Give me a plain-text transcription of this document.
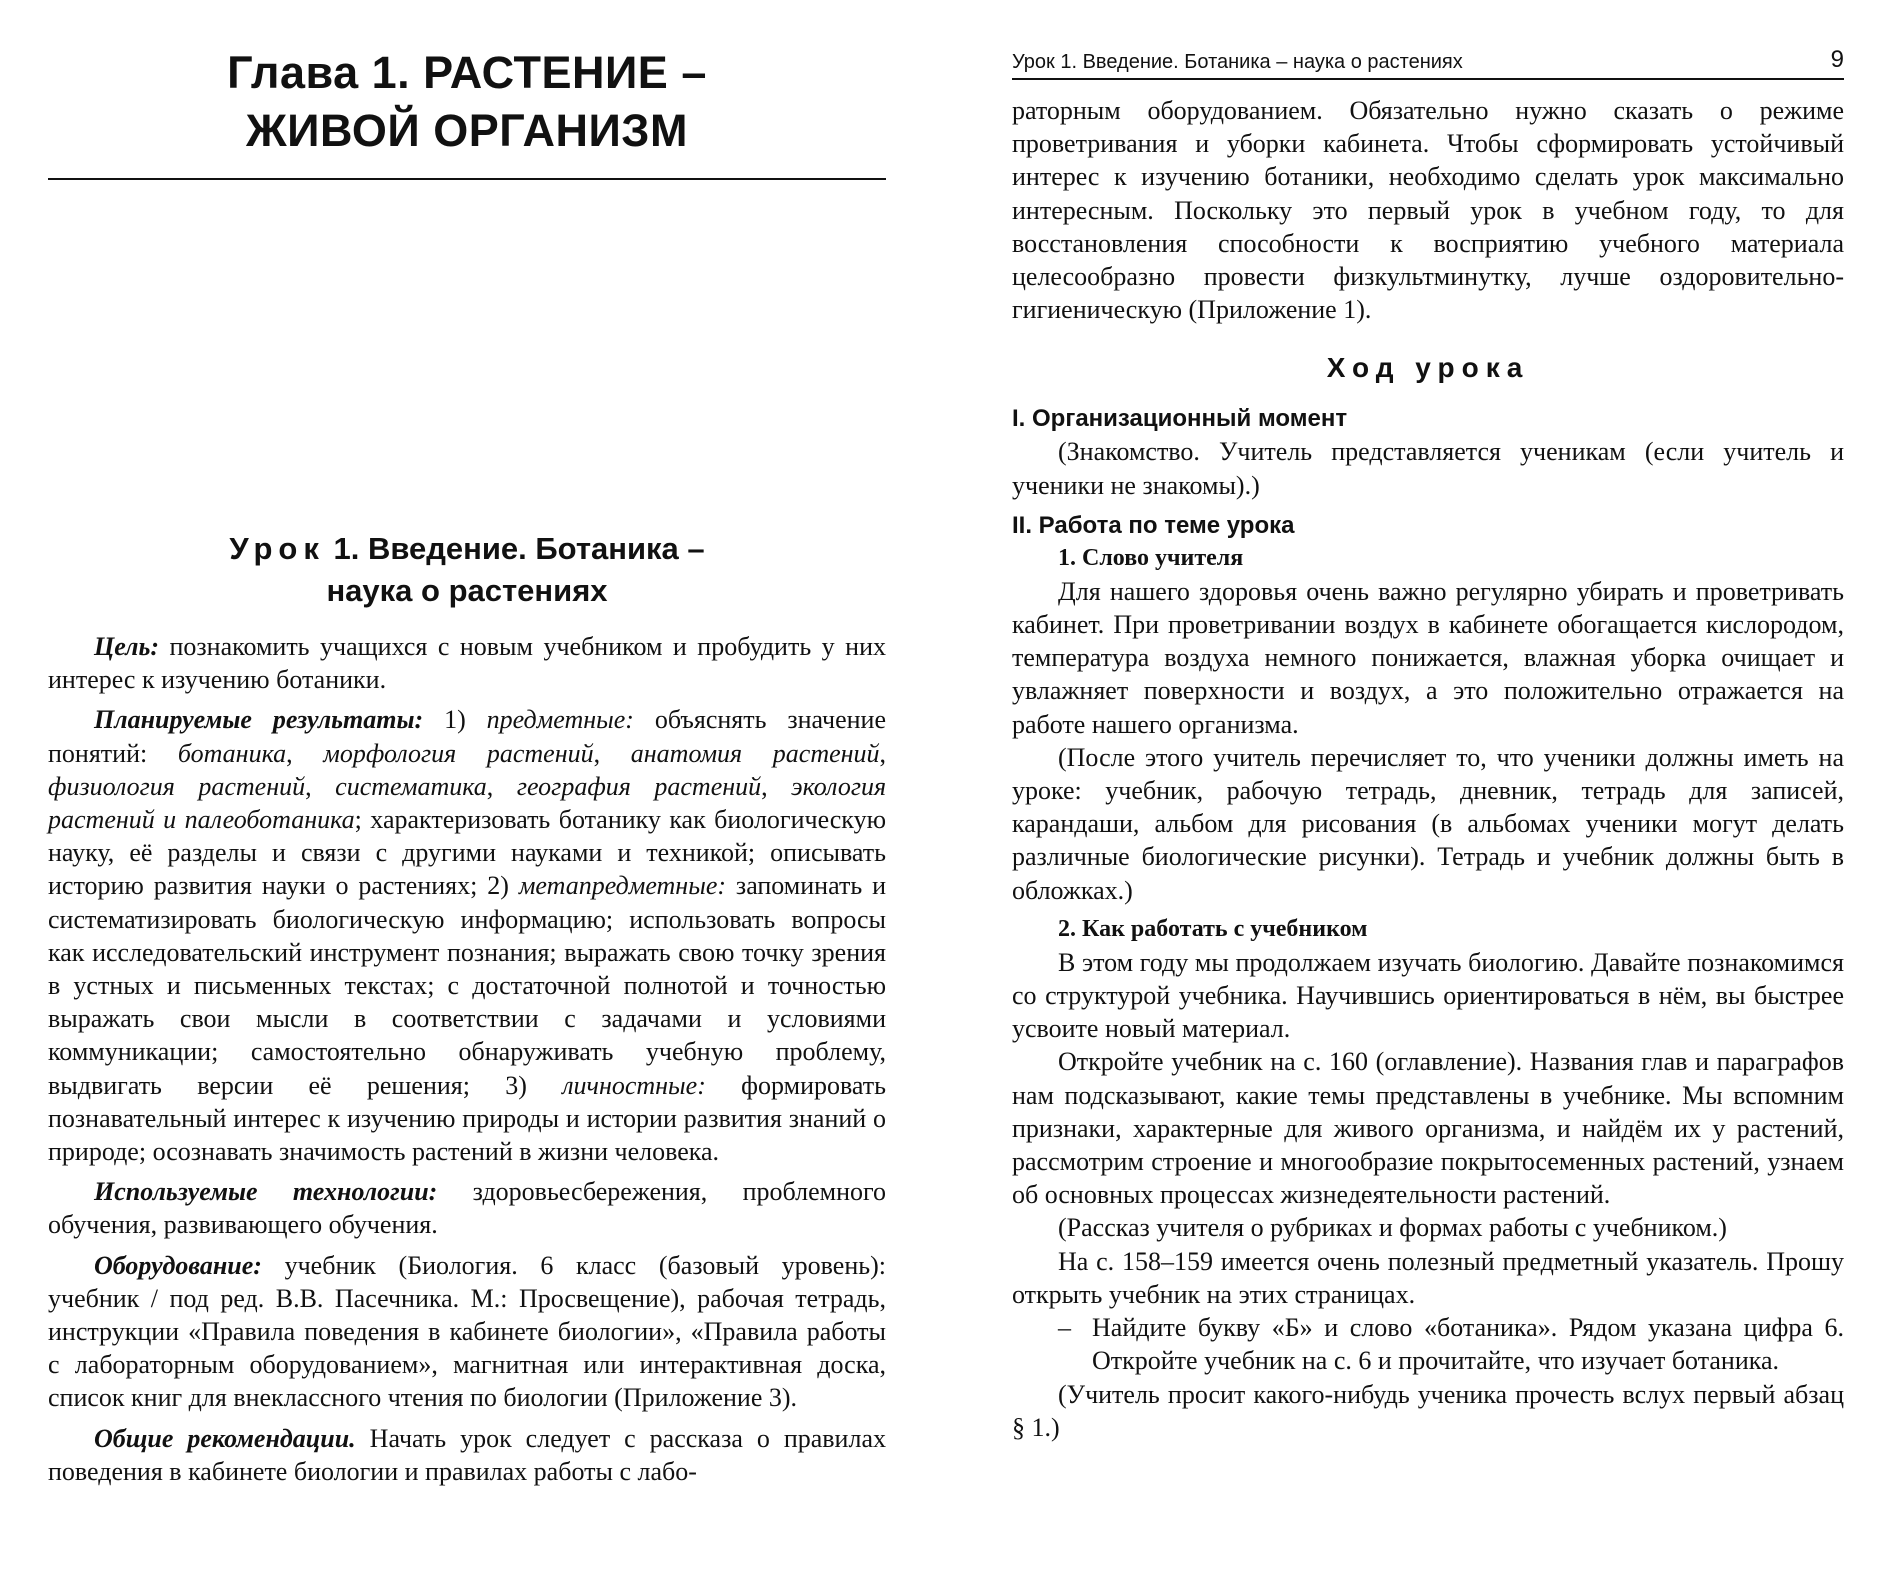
Глава 1. РАСТЕНИЕ –
ЖИВОЙ ОРГАНИЗМ
Урок 1. Введение. Ботаника –
наука о растениях

Цель: познакомить учащихся с новым учебником и пробудить у них интерес к изучению ботаники.

Планируемые результаты: 1) предметные: объяснять значение понятий: ботаника, морфология растений, анатомия растений, физиология растений, систематика, география растений, экология растений и палеоботаника; характеризовать ботанику как биологическую науку, её разделы и связи с другими науками и техникой; описывать историю развития науки о растениях; 2) метапредметные: запоминать и систематизировать биологическую информацию; использовать вопросы как исследовательский инструмент познания; выражать свою точку зрения в устных и письменных текстах; с достаточной полнотой и точностью выражать свои мысли в соответствии с задачами и условиями коммуникации; самостоятельно обнаруживать учебную проблему, выдвигать версии её решения; 3) личностные: формировать познавательный интерес к изучению природы и истории развития знаний о природе; осознавать значимость растений в жизни человека.

Используемые технологии: здоровьесбережения, проблемного обучения, развивающего обучения.

Оборудование: учебник (Биология. 6 класс (базовый уровень): учебник / под ред. В.В. Пасечника. М.: Просвещение), рабочая тетрадь, инструкции «Правила поведения в кабинете биологии», «Правила работы с лабораторным оборудованием», магнитная или интерактивная доска, список книг для внеклассного чтения по биологии (Приложение 3).

Общие рекомендации. Начать урок следует с рассказа о правилах поведения в кабинете биологии и правилах работы с лабо-

Урок 1. Введение. Ботаника – наука о растениях	9

раторным оборудованием. Обязательно нужно сказать о режиме проветривания и уборки кабинета. Чтобы сформировать устойчивый интерес к изучению ботаники, необходимо сделать урок максимально интересным. Поскольку это первый урок в учебном году, то для восстановления способности к восприятию учебного материала целесообразно провести физкультминутку, лучше оздоровительно-гигиеническую (Приложение 1).

Ход урока
I. Организационный момент

(Знакомство. Учитель представляется ученикам (если учитель и ученики не знакомы).)

II. Работа по теме урока
1. Слово учителя

Для нашего здоровья очень важно регулярно убирать и проветривать кабинет. При проветривании воздух в кабинете обогащается кислородом, температура воздуха немного понижается, влажная уборка очищает и увлажняет поверхности и воздух, а это положительно отражается на работе нашего организма.

(После этого учитель перечисляет то, что ученики должны иметь на уроке: учебник, рабочую тетрадь, дневник, тетрадь для записей, карандаши, альбом для рисования (в альбомах ученики могут делать различные биологические рисунки). Тетрадь и учебник должны быть в обложках.)

2. Как работать с учебником

В этом году мы продолжаем изучать биологию. Давайте познакомимся со структурой учебника. Научившись ориентироваться в нём, вы быстрее усвоите новый материал.

Откройте учебник на с. 160 (оглавление). Названия глав и параграфов нам подсказывают, какие темы представлены в учебнике. Мы вспомним признаки, характерные для живого организма, и найдём их у растений, рассмотрим строение и многообразие покрытосеменных растений, узнаем об основных процессах жизнедеятельности растений.

(Рассказ учителя о рубриках и формах работы с учебником.)

На с. 158–159 имеется очень полезный предметный указатель. Прошу открыть учебник на этих страницах.

– Найдите букву «Б» и слово «ботаника». Рядом указана цифра 6. Откройте учебник на с. 6 и прочитайте, что изучает ботаника.

(Учитель просит какого-нибудь ученика прочесть вслух первый абзац § 1.)
